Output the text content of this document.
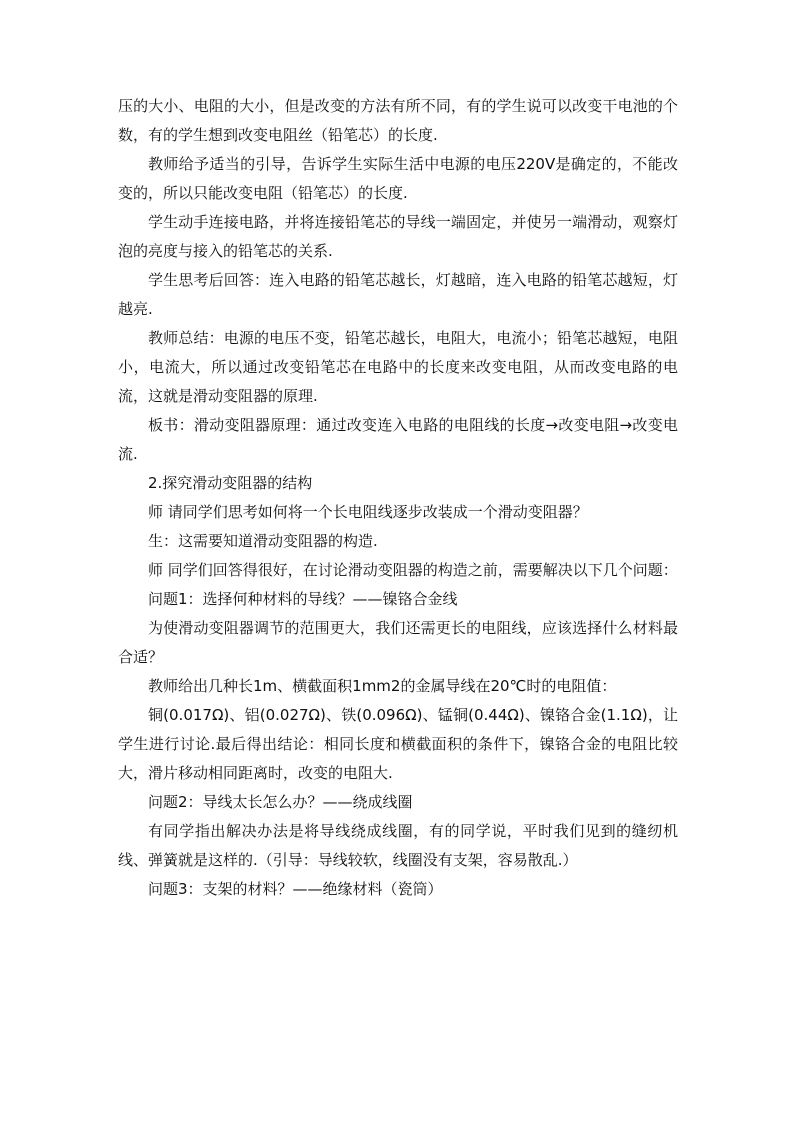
压的大小、电阻的大小，但是改变的方法有所不同，有的学生说可以改变干电池的个数，有的学生想到改变电阻丝（铅笔芯）的长度.

教师给予适当的引导，告诉学生实际生活中电源的电压220V是确定的，不能改变的，所以只能改变电阻（铅笔芯）的长度.

学生动手连接电路，并将连接铅笔芯的导线一端固定，并使另一端滑动，观察灯泡的亮度与接入的铅笔芯的关系.

学生思考后回答：连入电路的铅笔芯越长，灯越暗，连入电路的铅笔芯越短，灯越亮.

教师总结：电源的电压不变，铅笔芯越长，电阻大，电流小；铅笔芯越短，电阻小，电流大，所以通过改变铅笔芯在电路中的长度来改变电阻，从而改变电路的电流，这就是滑动变阻器的原理.

板书：滑动变阻器原理：通过改变连入电路的电阻线的长度→改变电阻→改变电流.

2.探究滑动变阻器的结构

师 请同学们思考如何将一个长电阻线逐步改装成一个滑动变阻器？

生：这需要知道滑动变阻器的构造.

师 同学们回答得很好，在讨论滑动变阻器的构造之前，需要解决以下几个问题：

问题1：选择何种材料的导线？——镍铬合金线

为使滑动变阻器调节的范围更大，我们还需更长的电阻线，应该选择什么材料最合适？

教师给出几种长1m、横截面积1mm2的金属导线在20℃时的电阻值：

铜(0.017Ω)、铝(0.027Ω)、铁(0.096Ω)、锰铜(0.44Ω)、镍铬合金(1.1Ω)，让学生进行讨论.最后得出结论：相同长度和横截面积的条件下，镍铬合金的电阻比较大，滑片移动相同距离时，改变的电阻大.

问题2：导线太长怎么办？——绕成线圈

有同学指出解决办法是将导线绕成线圈，有的同学说，平时我们见到的缝纫机线、弹簧就是这样的.（引导：导线较软，线圈没有支架，容易散乱.）

问题3：支架的材料？——绝缘材料（瓷筒）
